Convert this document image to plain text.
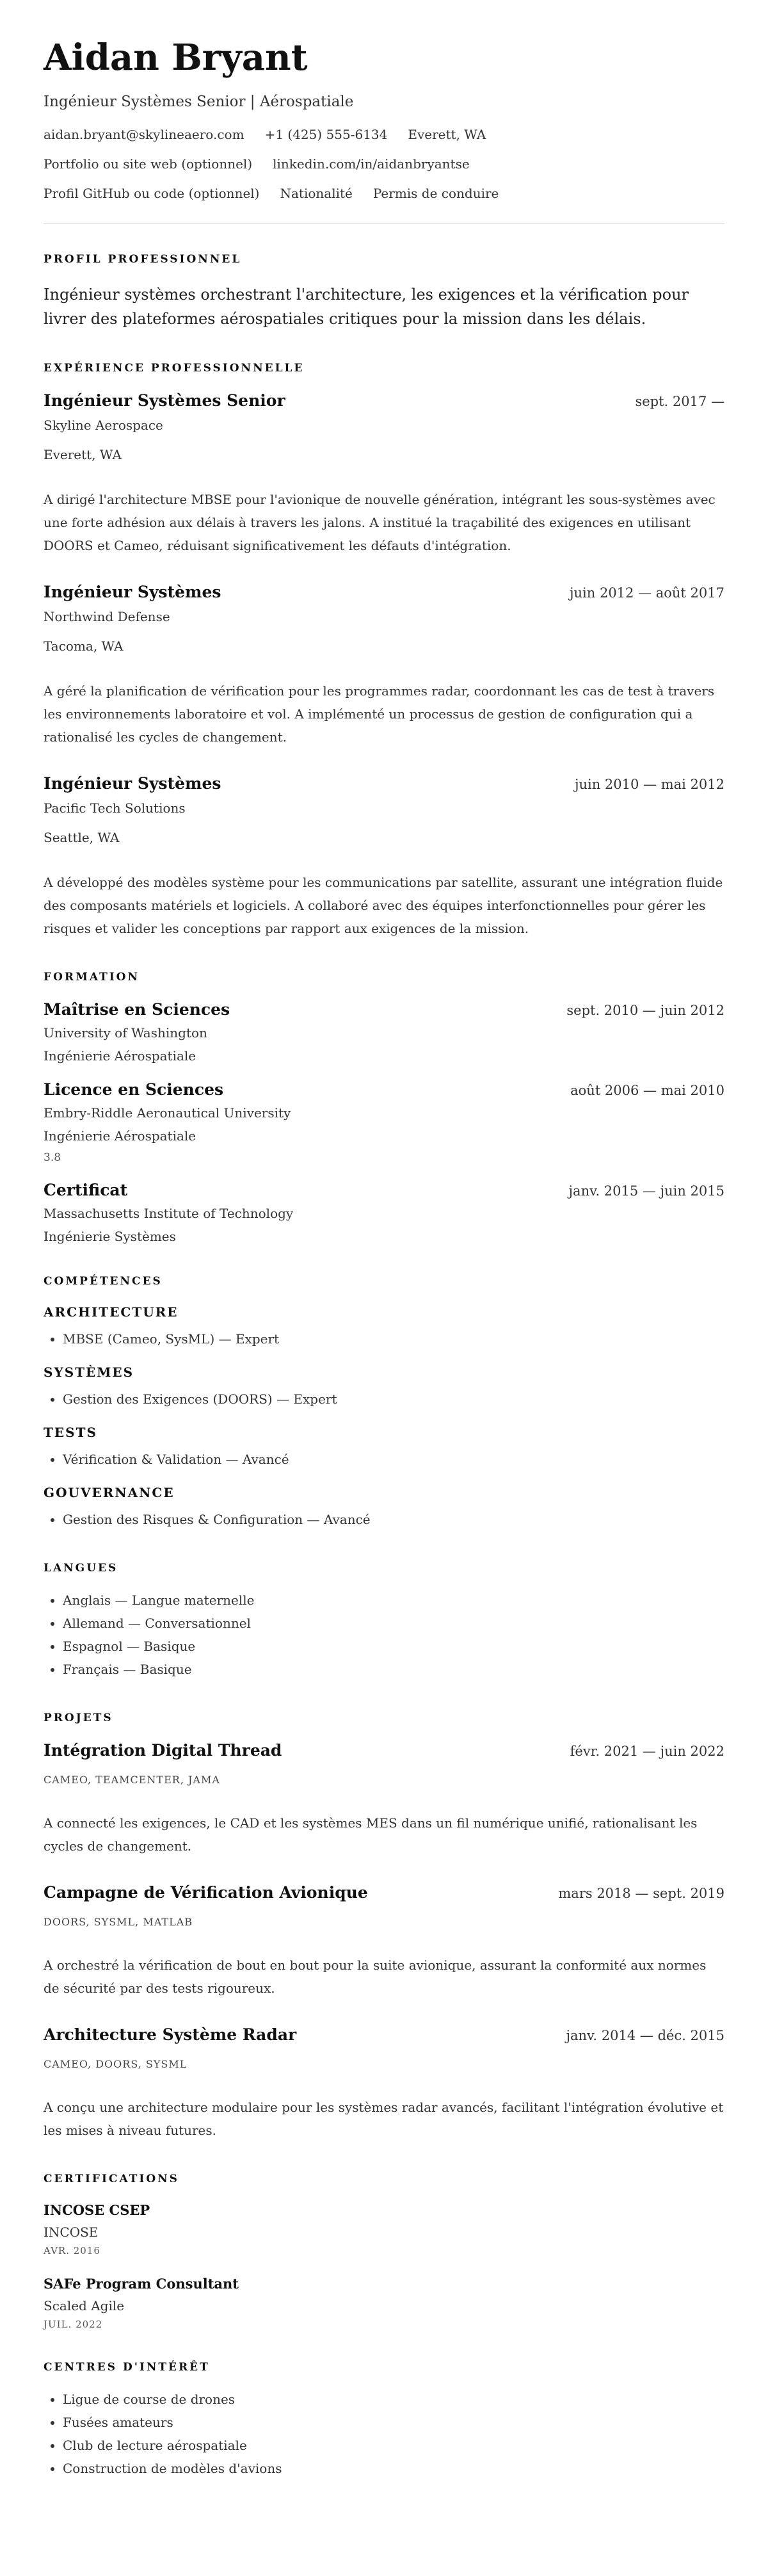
Aidan Bryant
Ingénieur Systèmes Senior | Aérospatiale
aidan.bryant@skylineaero.com +1 (425) 555-6134 Everett, WA
Portfolio ou site web (optionnel) linkedin.com/in/aidanbryantse
Profil GitHub ou code (optionnel) Nationalité Permis de conduire
PROFIL PROFESSIONNEL
Ingénieur systèmes orchestrant l'architecture, les exigences et la vérification pour livrer des plateformes aérospatiales critiques pour la mission dans les délais.
EXPÉRIENCE PROFESSIONNELLE
Ingénieur Systèmes Senior	sept. 2017 —
Skyline Aerospace
Everett, WA
A dirigé l'architecture MBSE pour l'avionique de nouvelle génération, intégrant les sous-systèmes avec une forte adhésion aux délais à travers les jalons. A institué la traçabilité des exigences en utilisant DOORS et Cameo, réduisant significativement les défauts d'intégration.
Ingénieur Systèmes	juin 2012 — août 2017
Northwind Defense
Tacoma, WA
A géré la planification de vérification pour les programmes radar, coordonnant les cas de test à travers les environnements laboratoire et vol. A implémenté un processus de gestion de configuration qui a rationalisé les cycles de changement.
Ingénieur Systèmes	juin 2010 — mai 2012
Pacific Tech Solutions
Seattle, WA
A développé des modèles système pour les communications par satellite, assurant une intégration fluide des composants matériels et logiciels. A collaboré avec des équipes interfonctionnelles pour gérer les risques et valider les conceptions par rapport aux exigences de la mission.
FORMATION
Maîtrise en Sciences	sept. 2010 — juin 2012
University of Washington
Ingénierie Aérospatiale
Licence en Sciences	août 2006 — mai 2010
Embry-Riddle Aeronautical University
Ingénierie Aérospatiale
3.8
Certificat	janv. 2015 — juin 2015
Massachusetts Institute of Technology
Ingénierie Systèmes
COMPÉTENCES
ARCHITECTURE
• MBSE (Cameo, SysML) — Expert
SYSTÈMES
• Gestion des Exigences (DOORS) — Expert
TESTS
• Vérification & Validation — Avancé
GOUVERNANCE
• Gestion des Risques & Configuration — Avancé
LANGUES
• Anglais — Langue maternelle
• Allemand — Conversationnel
• Espagnol — Basique
• Français — Basique
PROJETS
Intégration Digital Thread	févr. 2021 — juin 2022
CAMEO, TEAMCENTER, JAMA
A connecté les exigences, le CAD et les systèmes MES dans un fil numérique unifié, rationalisant les cycles de changement.
Campagne de Vérification Avionique	mars 2018 — sept. 2019
DOORS, SYSML, MATLAB
A orchestré la vérification de bout en bout pour la suite avionique, assurant la conformité aux normes de sécurité par des tests rigoureux.
Architecture Système Radar	janv. 2014 — déc. 2015
CAMEO, DOORS, SYSML
A conçu une architecture modulaire pour les systèmes radar avancés, facilitant l'intégration évolutive et les mises à niveau futures.
CERTIFICATIONS
INCOSE CSEP
INCOSE
AVR. 2016
SAFe Program Consultant
Scaled Agile
JUIL. 2022
CENTRES D'INTÉRÊT
• Ligue de course de drones
• Fusées amateurs
• Club de lecture aérospatiale
• Construction de modèles d'avions
